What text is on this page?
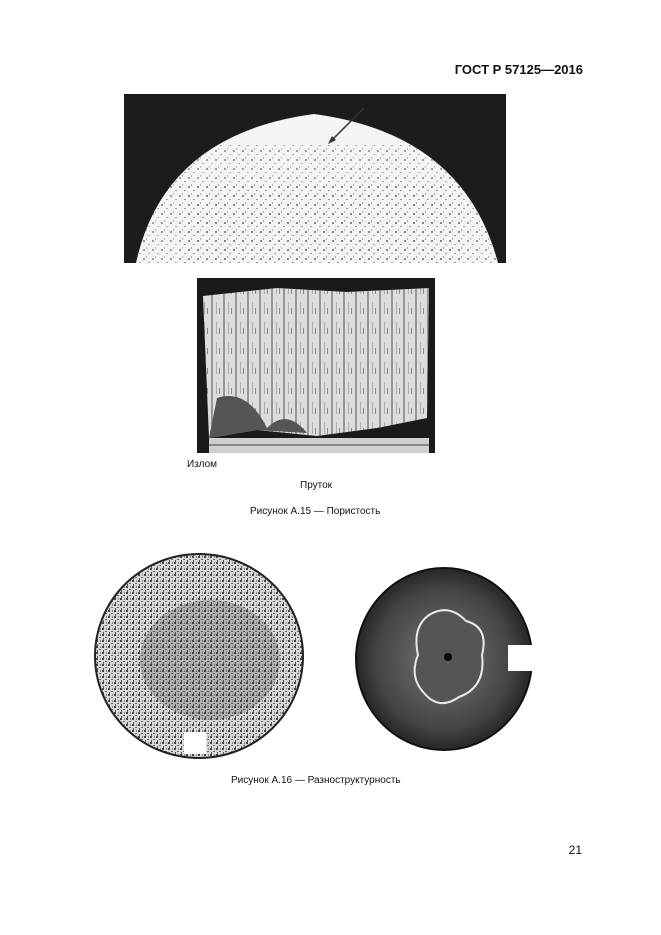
ГОСТ Р 57125—2016
Излом
Пруток
Рисунок А.15 — Пористость
Рисунок А.16 — Разноструктурность
21
